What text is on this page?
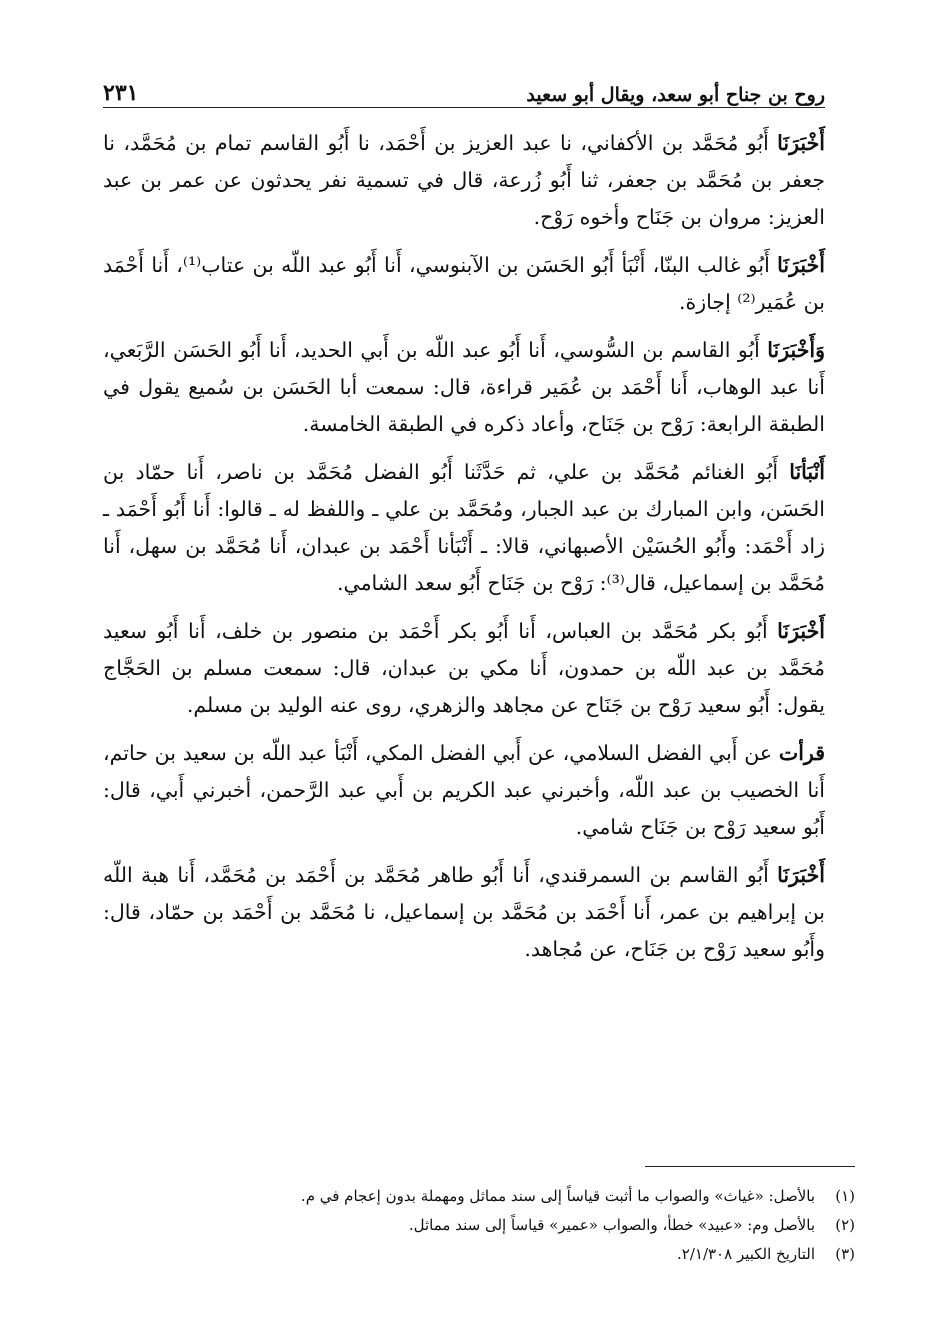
روح بن جناح أبو سعد، ويقال أبو سعيد
٢٣١

أَخْبَرَنَا أَبُو مُحَمَّد بن الأكفاني، نا عبد العزيز بن أَحْمَد، نا أَبُو القاسم تمام بن مُحَمَّد، نا جعفر بن مُحَمَّد بن جعفر، ثنا أَبُو زُرعة، قال في تسمية نفر يحدثون عن عمر بن عبد العزيز: مروان بن جَنَاح وأخوه رَوْح.

أَخْبَرَنَا أَبُو غالب البنّا، أَنْبَأ أَبُو الحَسَن بن الآبنوسي، أَنا أَبُو عبد اللّه بن عتاب⁽¹⁾، أَنا أَحْمَد بن عُمَير⁽²⁾ إجازة.

وَأَخْبَرَنَا أَبُو القاسم بن السُّوسي، أَنا أَبُو عبد اللّه بن أَبي الحديد، أَنا أَبُو الحَسَن الرَّبَعي، أَنا عبد الوهاب، أَنا أَحْمَد بن عُمَير قراءة، قال: سمعت أبا الحَسَن بن سُميع يقول في الطبقة الرابعة: رَوْح بن جَنَاح، وأعاد ذكره في الطبقة الخامسة.

أَنْبَأنَا أَبُو الغنائم مُحَمَّد بن علي، ثم حَدَّثَنا أَبُو الفضل مُحَمَّد بن ناصر، أَنا حمّاد بن الحَسَن، وابن المبارك بن عبد الجبار، ومُحَمَّد بن علي ـ واللفظ له ـ قالوا: أَنا أَبُو أَحْمَد ـ زاد أَحْمَد: وأَبُو الحُسَيْن الأصبهاني، قالا: ـ أَنْبَأنا أَحْمَد بن عبدان، أَنا مُحَمَّد بن سهل، أَنا مُحَمَّد بن إسماعيل، قال⁽³⁾: رَوْح بن جَنَاح أَبُو سعد الشامي.

أَخْبَرَنَا أَبُو بكر مُحَمَّد بن العباس، أَنا أَبُو بكر أَحْمَد بن منصور بن خلف، أَنا أَبُو سعيد مُحَمَّد بن عبد اللّه بن حمدون، أَنا مكي بن عبدان، قال: سمعت مسلم بن الحَجَّاج يقول: أَبُو سعيد رَوْح بن جَنَاح عن مجاهد والزهري، روى عنه الوليد بن مسلم.

قرأت عن أَبي الفضل السلامي، عن أَبي الفضل المكي، أَنْبَأ عبد اللّه بن سعيد بن حاتم، أَنا الخصيب بن عبد اللّه، وأخبرني عبد الكريم بن أَبي عبد الرَّحمن، أخبرني أَبي، قال: أَبُو سعيد رَوْح بن جَنَاح شامي.

أَخْبَرَنَا أَبُو القاسم بن السمرقندي، أَنا أَبُو طاهر مُحَمَّد بن أَحْمَد بن مُحَمَّد، أَنا هبة اللّه بن إبراهيم بن عمر، أَنا أَحْمَد بن مُحَمَّد بن إسماعيل، نا مُحَمَّد بن أَحْمَد بن حمّاد، قال: وأَبُو سعيد رَوْح بن جَنَاح، عن مُجاهد.

(١)بالأصل: «غياث» والصواب ما أثبت قياساً إلى سند مماثل ومهملة بدون إعجام في م.

(٢)بالأصل وم: «عبيد» خطأ، والصواب «عمير» قياساً إلى سند مماثل.

(٣)التاريخ الكبير ٢/١/٣٠٨.
